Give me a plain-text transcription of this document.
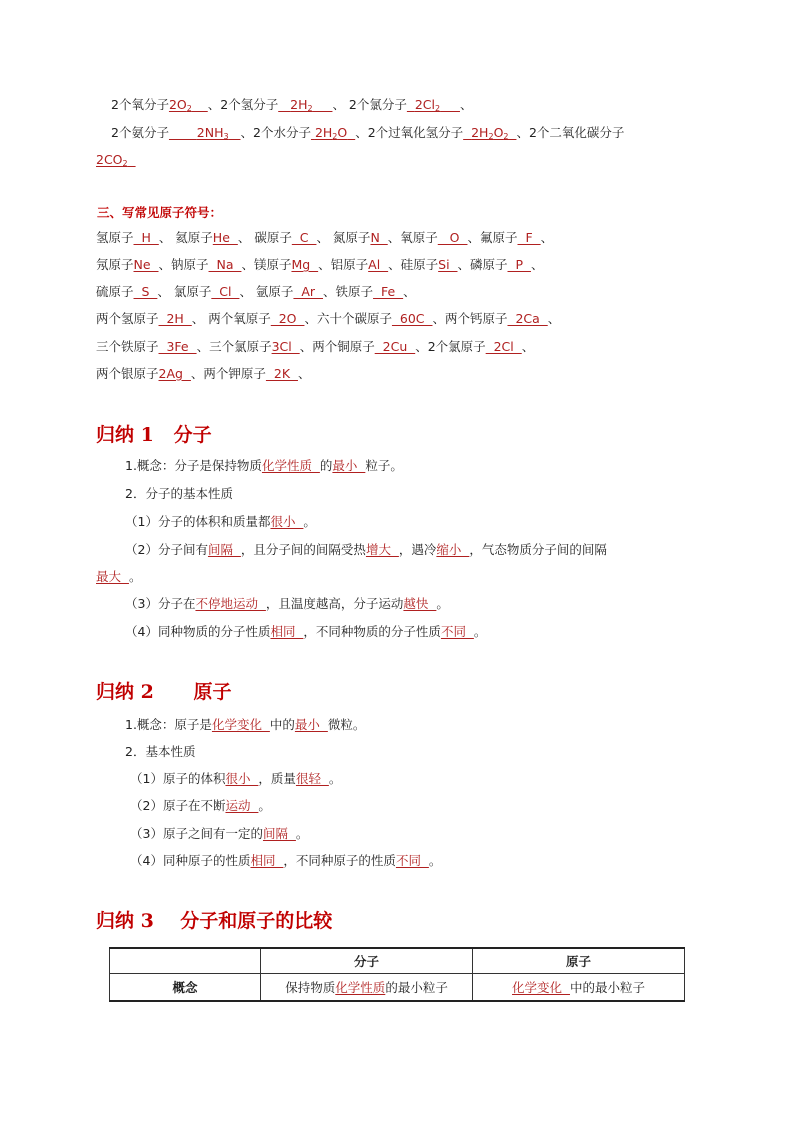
2个氧分子$2O_2$ 、2个氢分子 $2H_2$ 、 2个氯分子 $2Cl_2$ 、
2个氨分子 $2NH_3$ 、2个水分子 $2H_2O$ 、2个过氧化氢分子 $2H_2O_2$ 、2个二氧化碳分子
$2CO_2$
三、写常见原子符号：
氢原子  H  、 氦原子He  、 碳原子  C  、 氮原子N  、氧原子   O  、氟原子  F  、
氖原子Ne  、钠原子  Na  、镁原子Mg  、铝原子Al  、硅原子Si  、磷原子  P  、
硫原子  S  、 氯原子  Cl  、 氩原子  Ar  、铁原子  Fe  、
两个氢原子  2H  、 两个氧原子  2O  、六十个碳原子  60C  、两个钙原子  2Ca  、
三个铁原子  3Fe  、三个氯原子3Cl  、两个铜原子  2Cu  、2个氯原子  2Cl  、
两个银原子2Ag  、两个钾原子  2K  、
归纳 1   分子
1.概念：分子是保持物质化学性质  的最小  粒子。
2．分子的基本性质
（1）分子的体积和质量都很小  。
（2）分子间有间隔  ，且分子间的间隔受热增大  ，遇冷缩小  ，气态物质分子间的间隔
最大  。
（3）分子在不停地运动  ，且温度越高，分子运动越快  。
（4）同种物质的分子性质相同  ，不同种物质的分子性质不同  。
归纳 2      原子
1.概念：原子是化学变化  中的最小  微粒。
2．基本性质
（1）原子的体积很小  ，质量很轻  。
（2）原子在不断运动  。
（3）原子之间有一定的间隔  。
（4）同种原子的性质相同  ，不同种原子的性质不同  。
归纳 3    分子和原子的比较
	分子	原子
概念	保持物质化学性质的最小粒子	化学变化  中的最小粒子
